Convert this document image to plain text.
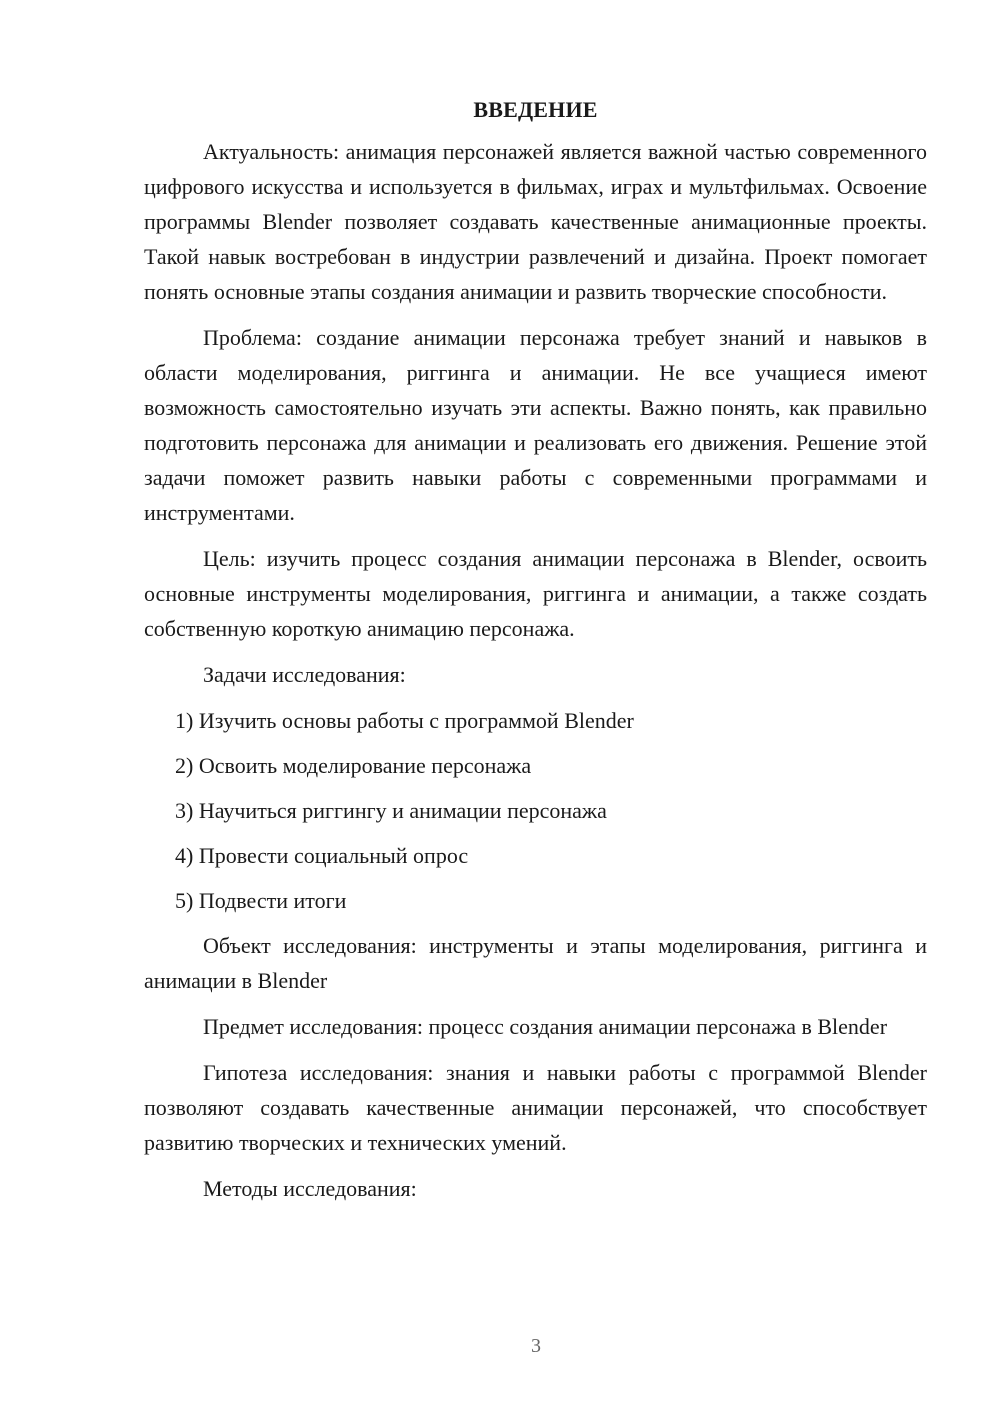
ВВЕДЕНИЕ

Актуальность: анимация персонажей является важной частью современного цифрового искусства и используется в фильмах, играх и мультфильмах. Освоение программы Blender позволяет создавать качественные анимационные проекты. Такой навык востребован в индустрии развлечений и дизайна. Проект помогает понять основные этапы создания анимации и развить творческие способности.

Проблема: создание анимации персонажа требует знаний и навыков в области моделирования, риггинга и анимации. Не все учащиеся имеют возможность самостоятельно изучать эти аспекты. Важно понять, как правильно подготовить персонажа для анимации и реализовать его движения. Решение этой задачи поможет развить навыки работы с современными программами и инструментами.

Цель: изучить процесс создания анимации персонажа в Blender, освоить основные инструменты моделирования, риггинга и анимации, а также создать собственную короткую анимацию персонажа.

Задачи исследования:

1) Изучить основы работы с программой Blender
2) Освоить моделирование персонажа
3) Научиться риггингу и анимации персонажа
4) Провести социальный опрос
5) Подвести итоги

Объект исследования: инструменты и этапы моделирования, риггинга и анимации в Blender

Предмет исследования: процесс создания анимации персонажа в Blender

Гипотеза исследования: знания и навыки работы с программой Blender позволяют создавать качественные анимации персонажей, что способствует развитию творческих и технических умений.

Методы исследования:

3
